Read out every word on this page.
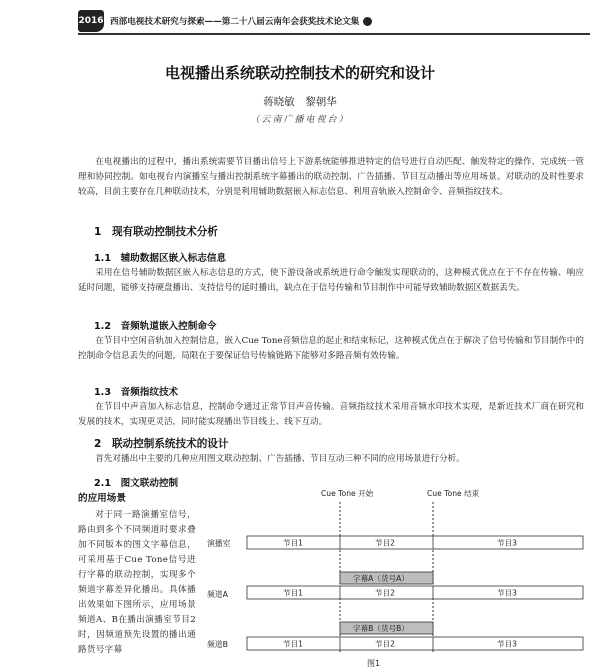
2016 西部电视技术研究与探索——第二十八届云南年会获奖技术论文集
电视播出系统联动控制技术的研究和设计
蒋晓敏　黎朝华
（云南广播电视台）
在电视播出的过程中，播出系统需要节目播出信号上下游系统能够推进特定的信号进行自动匹配、触发特定的操作，完成统一管理和协同控制。如电视台内演播室与播出控制系统字幕播出的联动控制、广告插播、节目互动播出等应用场景。对联动的及时性要求较高，目前主要存在几种联动技术，分别是利用辅助数据嵌入标志信息、利用音轨嵌入控制命令、音频指纹技术。
1　现有联动控制技术分析
1.1　辅助数据区嵌入标志信息
采用在信号辅助数据区嵌入标志信息的方式，使下游设备或系统进行命令触发实现联动的，这种模式优点在于不存在传输、响应延时问题，能够支持硬盘播出、支持信号的延时播出，缺点在于信号传输和节目制作中可能导致辅助数据区数据丢失。
1.2　音频轨道嵌入控制命令
在节目中空闲音轨加入控制信息，嵌入Cue Tone音频信息的起止和结束标记，这种模式优点在于解决了信号传输和节目制作中的控制命令信息丢失的问题，局限在于要保证信号传输链路下能够对多路音频有效传输。
1.3　音频指纹技术
在节目中声音加入标志信息，控制命令通过正常节目声音传输。音频指纹技术采用音频水印技术实现，是新近技术厂商在研究和发展的技术，实现更灵活，同时能实现播出节目线上、线下互动。
2　联动控制系统技术的设计
首先对播出中主要的几种应用图文联动控制、广告插播、节目互动三种不同的应用场景进行分析。
2.1　图文联动控制
的应用场景
对于同一路演播室信号，路由到多个不同频道时要求叠加不同版本的图文字幕信息，可采用基于Cue Tone信号进行字幕的联动控制，实现多个频道字幕差异化播出。具体播出效果如下图所示，应用场景频道A、B在播出演播室节目2时，因频道预先设置的播出通路货号字幕
Cue Tone 开始	Cue Tone 结束
演播室	节目1	节目2	节目3
字幕A（货号A）
频道A	节目1	节目2	节目3
字幕B（货号B）
频道B	节目1	节目2	节目3
图1
